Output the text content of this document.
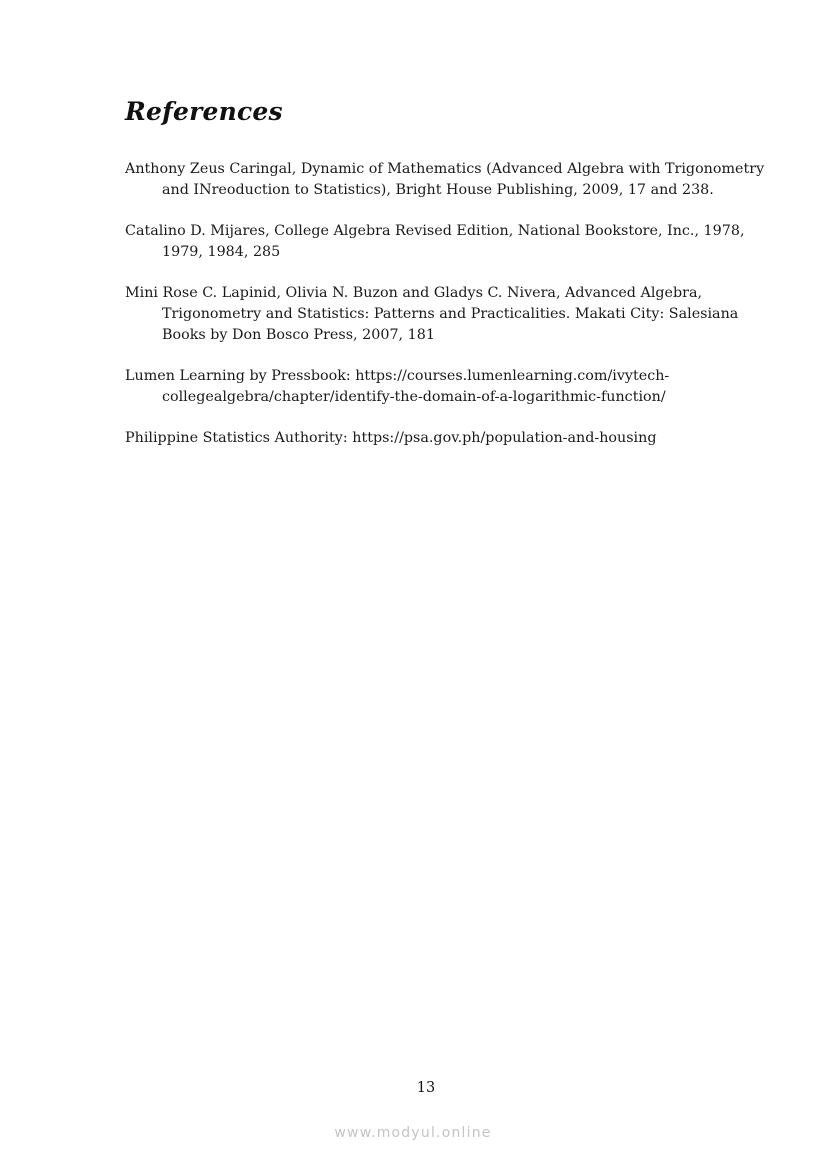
References
Anthony Zeus Caringal, Dynamic of Mathematics (Advanced Algebra with Trigonometry and INreoduction to Statistics), Bright House Publishing, 2009, 17 and 238.
Catalino D. Mijares, College Algebra Revised Edition, National Bookstore, Inc., 1978, 1979, 1984, 285
Mini Rose C. Lapinid, Olivia N. Buzon and Gladys C. Nivera, Advanced Algebra, Trigonometry and Statistics: Patterns and Practicalities. Makati City: Salesiana Books by Don Bosco Press, 2007, 181
Lumen Learning by Pressbook: https://courses.lumenlearning.com/ivytech-collegealgebra/chapter/identify-the-domain-of-a-logarithmic-function/
Philippine Statistics Authority: https://psa.gov.ph/population-and-housing
13
www.modyul.online
